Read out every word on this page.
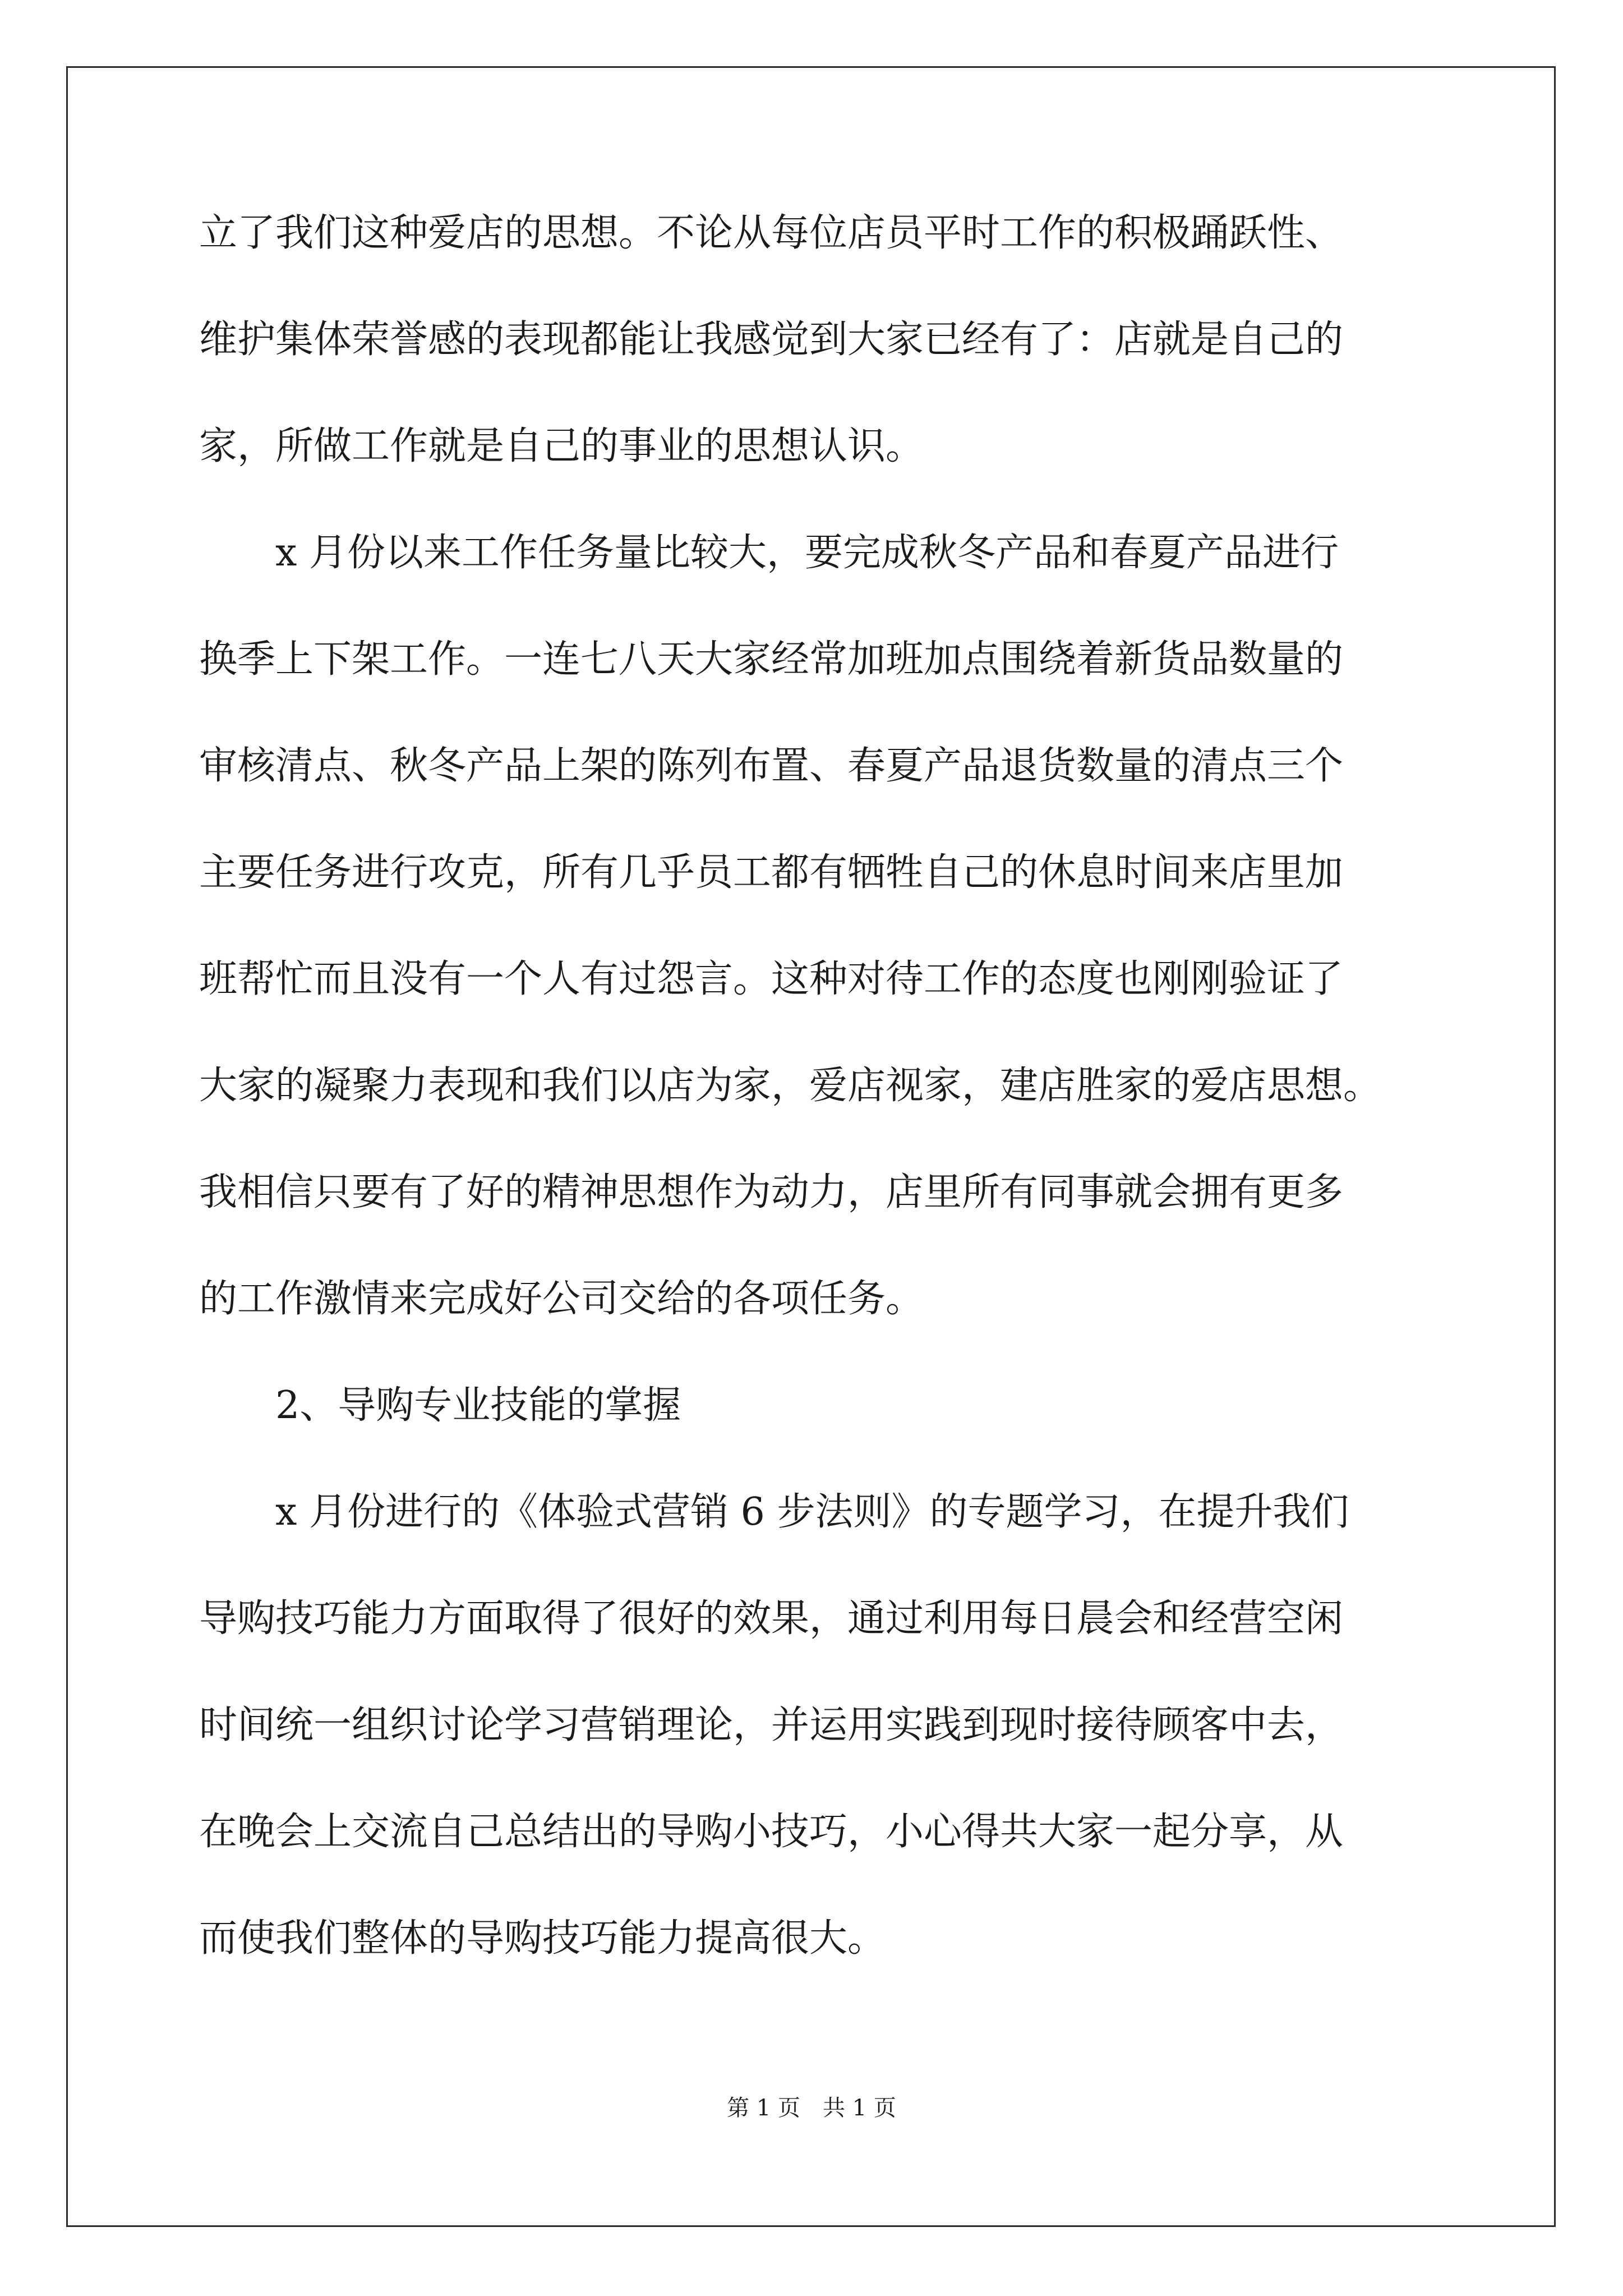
立了我们这种爱店的思想。不论从每位店员平时工作的积极踊跃性、
维护集体荣誉感的表现都能让我感觉到大家已经有了：店就是自己的
家，所做工作就是自己的事业的思想认识。
x 月份以来工作任务量比较大，要完成秋冬产品和春夏产品进行
换季上下架工作。一连七八天大家经常加班加点围绕着新货品数量的
审核清点、秋冬产品上架的陈列布置、春夏产品退货数量的清点三个
主要任务进行攻克，所有几乎员工都有牺牲自己的休息时间来店里加
班帮忙而且没有一个人有过怨言。这种对待工作的态度也刚刚验证了
大家的凝聚力表现和我们以店为家，爱店视家，建店胜家的爱店思想。
我相信只要有了好的精神思想作为动力，店里所有同事就会拥有更多
的工作激情来完成好公司交给的各项任务。
2、导购专业技能的掌握
x 月份进行的《体验式营销 6 步法则》的专题学习，在提升我们
导购技巧能力方面取得了很好的效果，通过利用每日晨会和经营空闲
时间统一组织讨论学习营销理论，并运用实践到现时接待顾客中去，
在晚会上交流自己总结出的导购小技巧，小心得共大家一起分享，从
而使我们整体的导购技巧能力提高很大。
第 1 页 共 1 页
